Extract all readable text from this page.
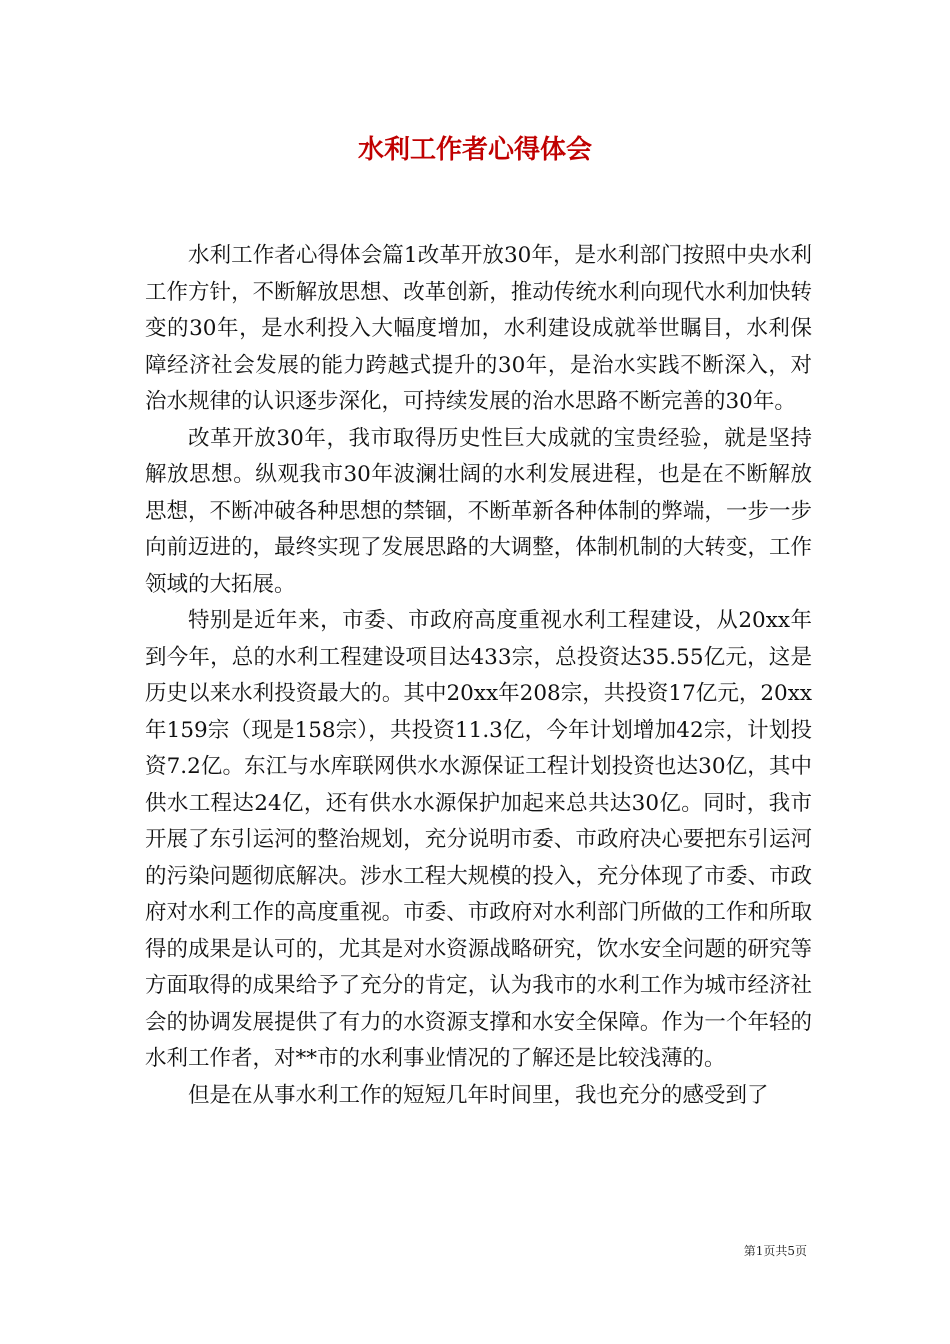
水利工作者心得体会

水利工作者心得体会篇1改革开放30年，是水利部门按照中央水利工作方针，不断解放思想、改革创新，推动传统水利向现代水利加快转变的30年，是水利投入大幅度增加，水利建设成就举世瞩目，水利保障经济社会发展的能力跨越式提升的30年，是治水实践不断深入，对治水规律的认识逐步深化，可持续发展的治水思路不断完善的30年。

改革开放30年，我市取得历史性巨大成就的宝贵经验，就是坚持解放思想。纵观我市30年波澜壮阔的水利发展进程，也是在不断解放思想，不断冲破各种思想的禁锢，不断革新各种体制的弊端，一步一步向前迈进的，最终实现了发展思路的大调整，体制机制的大转变，工作领域的大拓展。

特别是近年来，市委、市政府高度重视水利工程建设，从20xx年到今年，总的水利工程建设项目达433宗，总投资达35.55亿元，这是历史以来水利投资最大的。其中20xx年208宗，共投资17亿元，20xx年159宗（现是158宗），共投资11.3亿，今年计划增加42宗，计划投资7.2亿。东江与水库联网供水水源保证工程计划投资也达30亿，其中供水工程达24亿，还有供水水源保护加起来总共达30亿。同时，我市开展了东引运河的整治规划，充分说明市委、市政府决心要把东引运河的污染问题彻底解决。涉水工程大规模的投入，充分体现了市委、市政府对水利工作的高度重视。市委、市政府对水利部门所做的工作和所取得的成果是认可的，尤其是对水资源战略研究，饮水安全问题的研究等方面取得的成果给予了充分的肯定，认为我市的水利工作为城市经济社会的协调发展提供了有力的水资源支撑和水安全保障。作为一个年轻的水利工作者，对**市的水利事业情况的了解还是比较浅薄的。

但是在从事水利工作的短短几年时间里，我也充分的感受到了

第1页共5页
